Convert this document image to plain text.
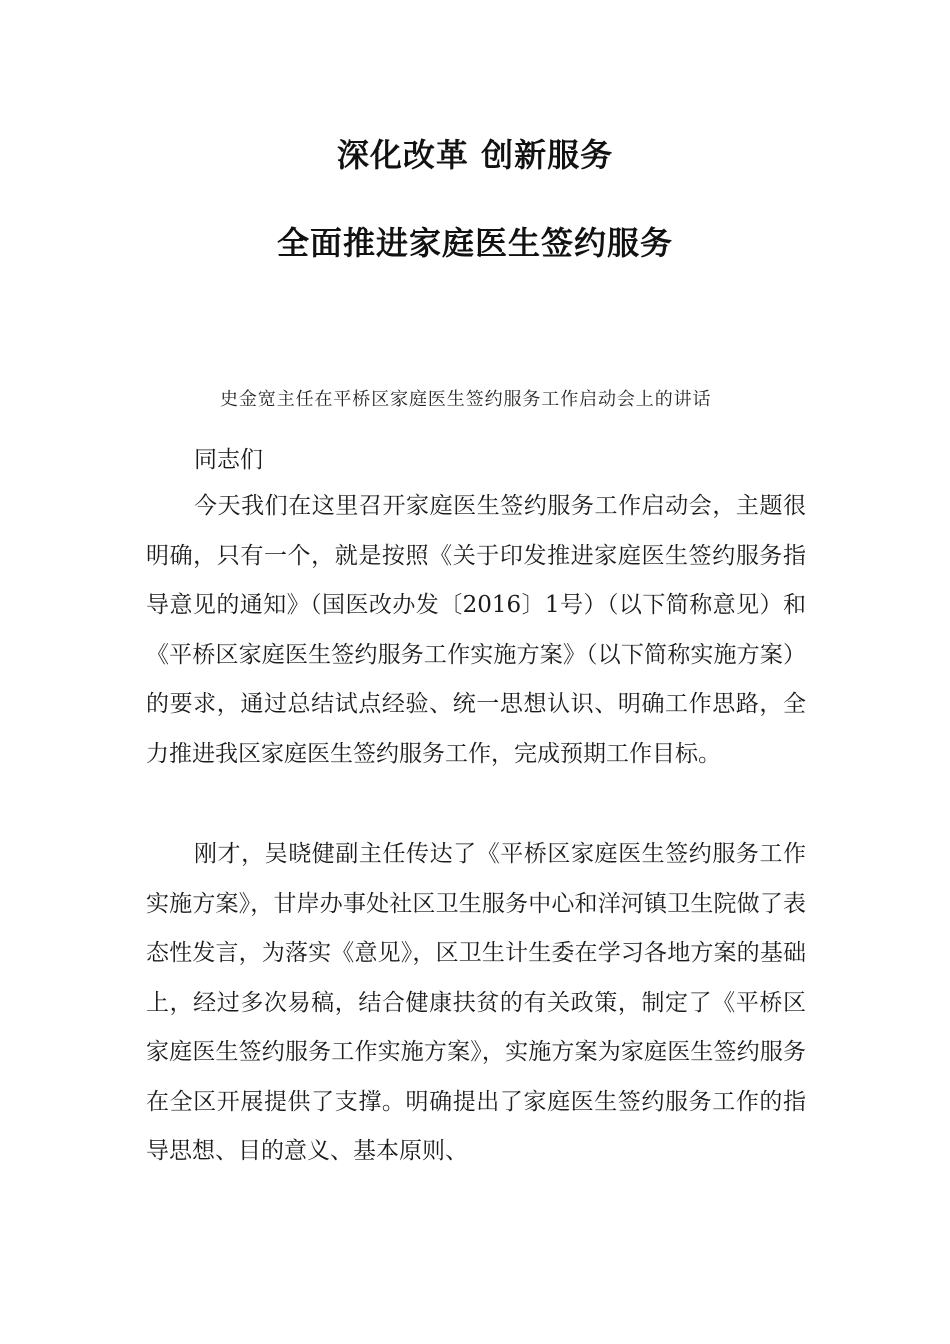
深化改革 创新服务
全面推进家庭医生签约服务
史金宽主任在平桥区家庭医生签约服务工作启动会上的讲话
同志们

今天我们在这里召开家庭医生签约服务工作启动会，主题很明确，只有一个，就是按照《关于印发推进家庭医生签约服务指导意见的通知》（国医改办发〔2016〕1号）（以下简称意见）和《平桥区家庭医生签约服务工作实施方案》（以下简称实施方案）的要求，通过总结试点经验、统一思想认识、明确工作思路，全力推进我区家庭医生签约服务工作，完成预期工作目标。

刚才，吴晓健副主任传达了《平桥区家庭医生签约服务工作实施方案》，甘岸办事处社区卫生服务中心和洋河镇卫生院做了表态性发言，为落实《意见》，区卫生计生委在学习各地方案的基础上，经过多次易稿，结合健康扶贫的有关政策，制定了《平桥区家庭医生签约服务工作实施方案》，实施方案为家庭医生签约服务在全区开展提供了支撑。明确提出了家庭医生签约服务工作的指导思想、目的意义、基本原则、
